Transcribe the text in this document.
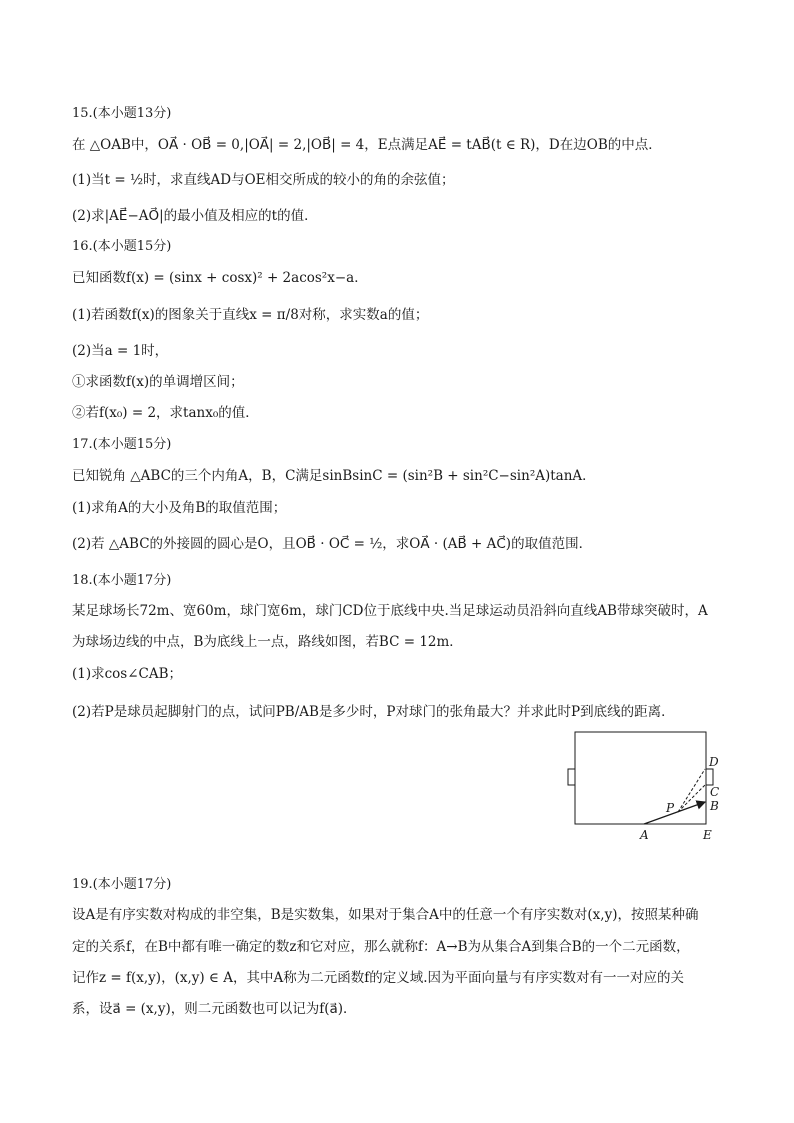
15.(本小题13分)
在 △OAB中，OA⃗ · OB⃗ = 0,|OA⃗| = 2,|OB⃗| = 4，E点满足AE⃗ = tAB⃗(t ∈ R)，D在边OB的中点．
(1)当t = ½时，求直线AD与OE相交所成的较小的角的余弦值；
(2)求|AE⃗−AO⃗|的最小值及相应的t的值．
16.(本小题15分)
已知函数f(x) = (sinx + cosx)² + 2acos²x−a．
(1)若函数f(x)的图象关于直线x = π/8对称，求实数a的值；
(2)当a = 1时，
①求函数f(x)的单调增区间；
②若f(x₀) = 2，求tanx₀的值．
17.(本小题15分)
已知锐角 △ABC的三个内角A，B，C满足sinBsinC = (sin²B + sin²C−sin²A)tanA．
(1)求角A的大小及角B的取值范围；
(2)若 △ABC的外接圆的圆心是O，且OB⃗ · OC⃗ = ½，求OA⃗ · (AB⃗ + AC⃗)的取值范围．
18.(本小题17分)
某足球场长72m、宽60m，球门宽6m，球门CD位于底线中央.当足球运动员沿斜向直线AB带球突破时，A
为球场边线的中点，B为底线上一点，路线如图，若BC = 12m．
(1)求cos∠CAB；
(2)若P是球员起脚射门的点，试问PB/AB是多少时，P对球门的张角最大？并求此时P到底线的距离．
D
C
B
P
A	E
19.(本小题17分)
设A是有序实数对构成的非空集，B是实数集，如果对于集合A中的任意一个有序实数对(x,y)，按照某种确
定的关系f，在B中都有唯一确定的数z和它对应，那么就称f：A→B为从集合A到集合B的一个二元函数，
记作z = f(x,y)，(x,y) ∈ A，其中A称为二元函数f的定义域.因为平面向量与有序实数对有一一对应的关
系，设a⃗ = (x,y)，则二元函数也可以记为f(a⃗)．
